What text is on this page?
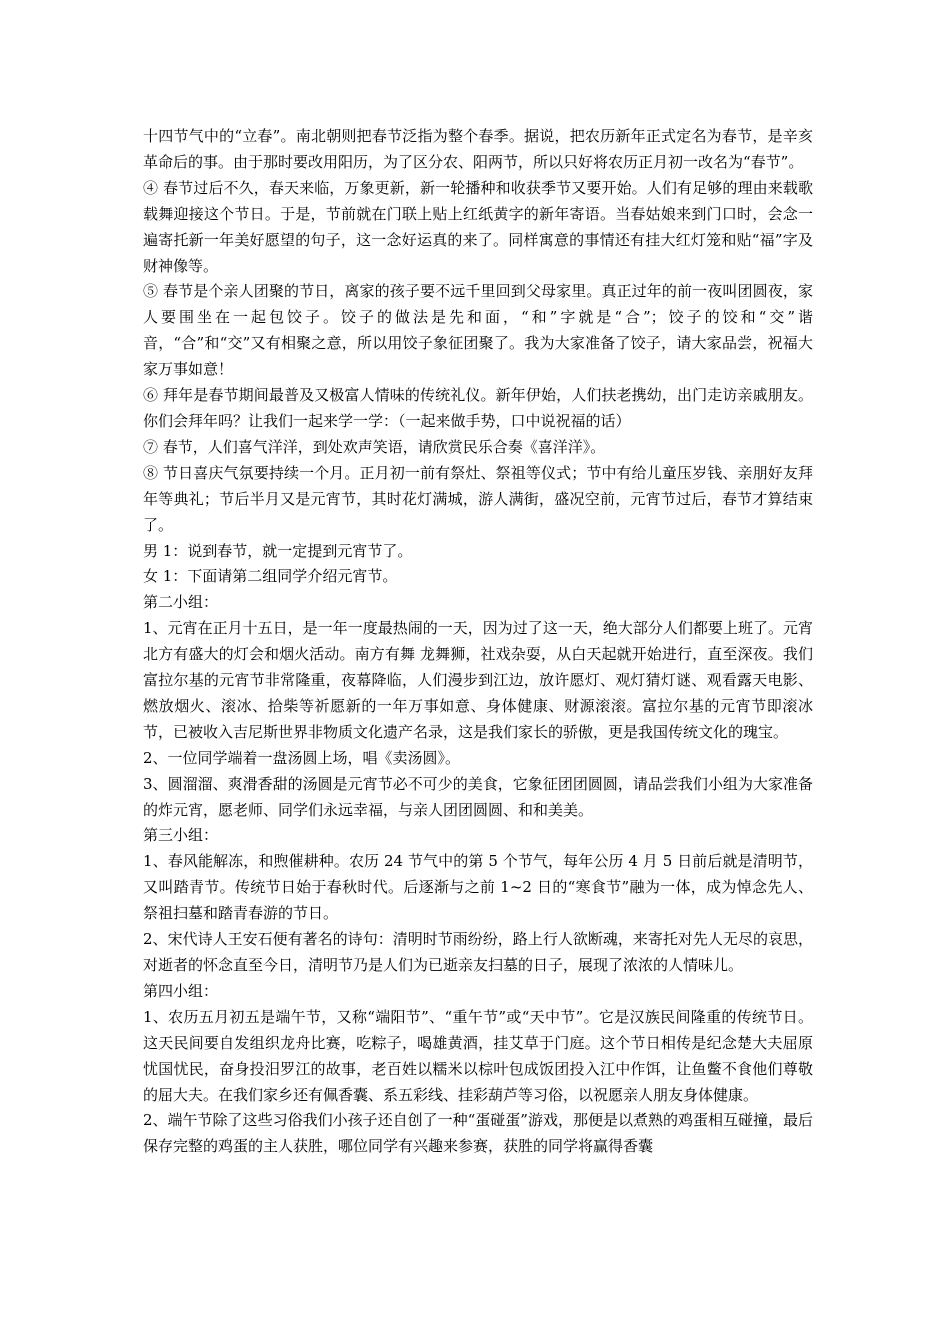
十四节气中的“立春”。南北朝则把春节泛指为整个春季。据说，把农历新年正式定名为春节，是辛亥革命后的事。由于那时要改用阳历，为了区分农、阳两节，所以只好将农历正月初一改名为“春节”。

④ 春节过后不久，春天来临，万象更新，新一轮播种和收获季节又要开始。人们有足够的理由来载歌载舞迎接这个节日。于是，节前就在门联上贴上红纸黄字的新年寄语。当春姑娘来到门口时，会念一遍寄托新一年美好愿望的句子，这一念好运真的来了。同样寓意的事情还有挂大红灯笼和贴“福”字及财神像等。

⑤ 春节是个亲人团聚的节日，离家的孩子要不远千里回到父母家里。真正过年的前一夜叫团圆夜，家人要围坐在一起包饺子。饺子的做法是先和面，“和”字就是“合”；饺子的饺和“交”谐音，“合”和“交”又有相聚之意，所以用饺子象征团聚了。我为大家准备了饺子，请大家品尝，祝福大家万事如意！

⑥ 拜年是春节期间最普及又极富人情味的传统礼仪。新年伊始，人们扶老携幼，出门走访亲戚朋友。你们会拜年吗？让我们一起来学一学：（一起来做手势，口中说祝福的话）

⑦ 春节，人们喜气洋洋，到处欢声笑语，请欣赏民乐合奏《喜洋洋》。

⑧ 节日喜庆气氛要持续一个月。正月初一前有祭灶、祭祖等仪式；节中有给儿童压岁钱、亲朋好友拜年等典礼；节后半月又是元宵节，其时花灯满城，游人满街，盛况空前，元宵节过后，春节才算结束了。

男 1：说到春节，就一定提到元宵节了。

女 1：下面请第二组同学介绍元宵节。

第二小组：

1、元宵在正月十五日，是一年一度最热闹的一天，因为过了这一天，绝大部分人们都要上班了。元宵北方有盛大的灯会和烟火活动。南方有舞 龙舞狮，社戏杂耍，从白天起就开始进行，直至深夜。我们富拉尔基的元宵节非常隆重，夜幕降临，人们漫步到江边，放许愿灯、观灯猜灯谜、观看露天电影、燃放烟火、滚冰、拾柴等祈愿新的一年万事如意、身体健康、财源滚滚。富拉尔基的元宵节即滚冰节，已被收入吉尼斯世界非物质文化遗产名录，这是我们家长的骄傲，更是我国传统文化的瑰宝。

2、一位同学端着一盘汤圆上场，唱《卖汤圆》。

3、圆溜溜、爽滑香甜的汤圆是元宵节必不可少的美食，它象征团团圆圆，请品尝我们小组为大家准备的炸元宵，愿老师、同学们永远幸福，与亲人团团圆圆、和和美美。

第三小组：

1、春风能解冻，和煦催耕种。农历 24 节气中的第 5 个节气，每年公历 4 月 5 日前后就是清明节，又叫踏青节。传统节日始于春秋时代。后逐渐与之前 1~2 日的“寒食节”融为一体，成为悼念先人、祭祖扫墓和踏青春游的节日。

2、宋代诗人王安石便有著名的诗句：清明时节雨纷纷，路上行人欲断魂，来寄托对先人无尽的哀思，对逝者的怀念直至今日，清明节乃是人们为已逝亲友扫墓的日子，展现了浓浓的人情味儿。

第四小组：

1、农历五月初五是端午节，又称“端阳节”、“重午节”或“天中节”。它是汉族民间隆重的传统节日。这天民间要自发组织龙舟比赛，吃粽子，喝雄黄酒，挂艾草于门庭。这个节日相传是纪念楚大夫屈原忧国忧民，奋身投汨罗江的故事，老百姓以糯米以棕叶包成饭团投入江中作饵，让鱼鳖不食他们尊敬的屈大夫。在我们家乡还有佩香囊、系五彩线、挂彩葫芦等习俗，以祝愿亲人朋友身体健康。

2、端午节除了这些习俗我们小孩子还自创了一种“蛋碰蛋”游戏，那便是以煮熟的鸡蛋相互碰撞，最后保存完整的鸡蛋的主人获胜，哪位同学有兴趣来参赛，获胜的同学将赢得香囊
